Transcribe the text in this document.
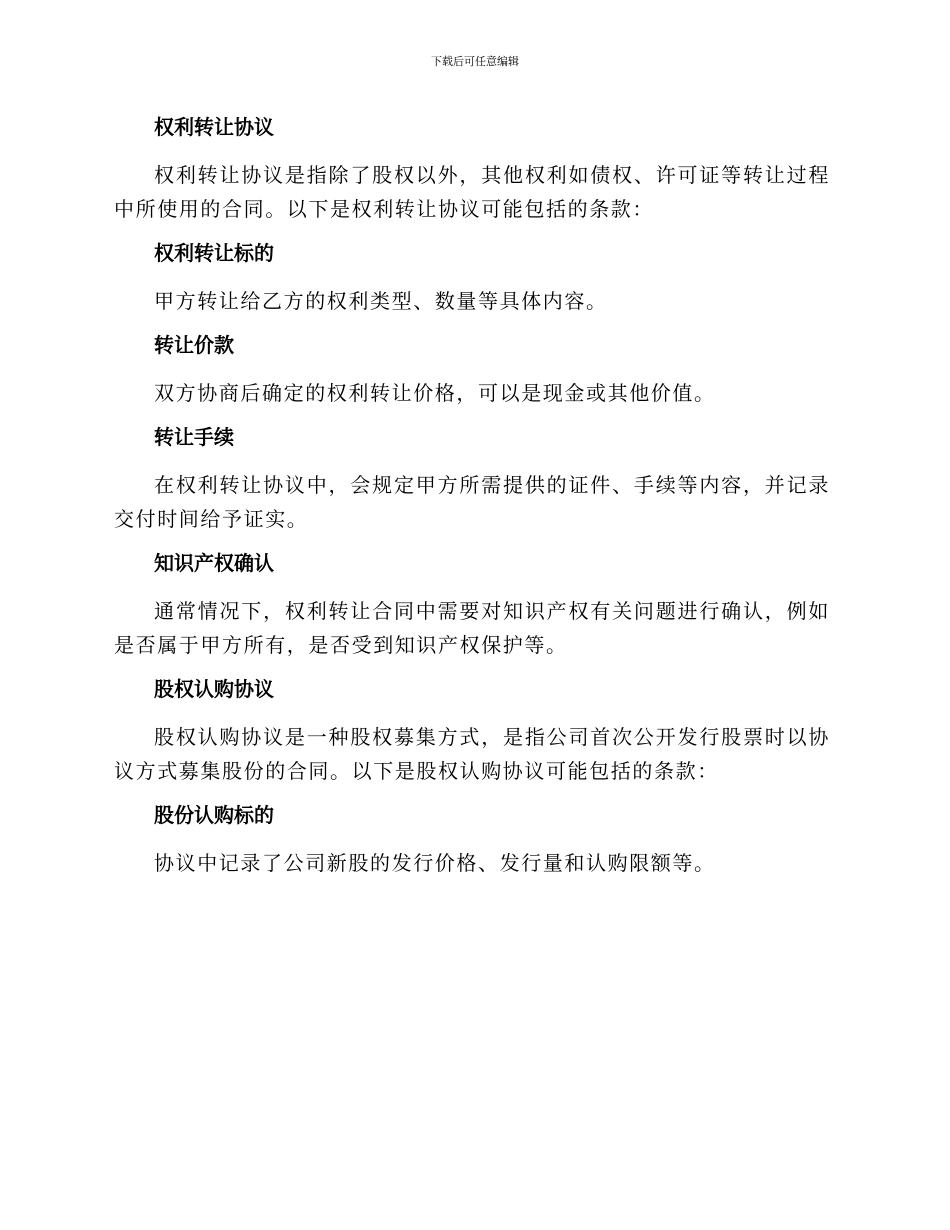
下载后可任意编辑
权利转让协议
权利转让协议是指除了股权以外，其他权利如债权、许可证等转让过程中所使用的合同。以下是权利转让协议可能包括的条款：
权利转让标的
甲方转让给乙方的权利类型、数量等具体内容。
转让价款
双方协商后确定的权利转让价格，可以是现金或其他价值。
转让手续
在权利转让协议中，会规定甲方所需提供的证件、手续等内容，并记录交付时间给予证实。
知识产权确认
通常情况下，权利转让合同中需要对知识产权有关问题进行确认，例如是否属于甲方所有，是否受到知识产权保护等。
股权认购协议
股权认购协议是一种股权募集方式，是指公司首次公开发行股票时以协议方式募集股份的合同。以下是股权认购协议可能包括的条款：
股份认购标的
协议中记录了公司新股的发行价格、发行量和认购限额等。
